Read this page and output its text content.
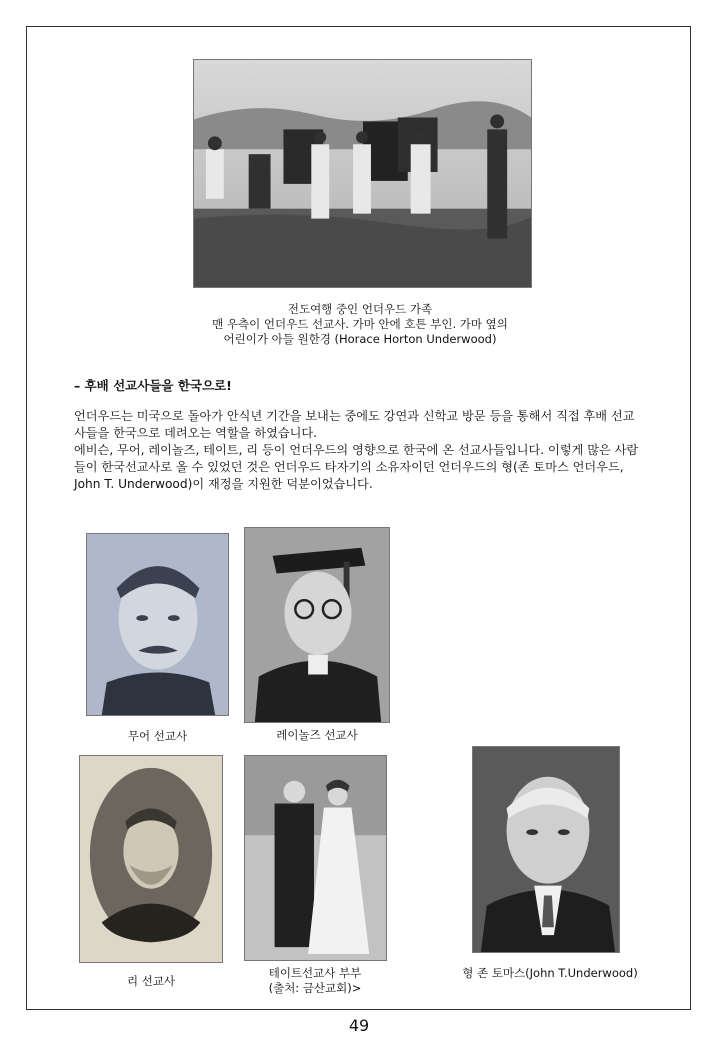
전도여행 중인 언더우드 가족
맨 우측이 언더우드 선교사. 가마 안에 호튼 부인. 가마 옆의
어린이가 아들 원한경 (Horace Horton Underwood)
– 후배 선교사들을 한국으로!

언더우드는 미국으로 돌아가 안식년 기간을 보내는 중에도 강연과 신학교 방문 등을 통해서 직접 후배 선교사들을 한국으로 데려오는 역할을 하였습니다.

에비슨, 무어, 레이놀즈, 테이트, 리 등이 언더우드의 영향으로 한국에 온 선교사들입니다. 이렇게 많은 사람들이 한국선교사로 올 수 있었던 것은 언더우드 타자기의 소유자이던 언더우드의 형(존 토마스 언더우드, John T. Underwood)이 재정을 지원한 덕분이었습니다.

무어 선교사	레이놀즈 선교사
리 선교사
테이트선교사 부부
(출처: 금산교회)>
형 존 토마스(John T.Underwood)
49
